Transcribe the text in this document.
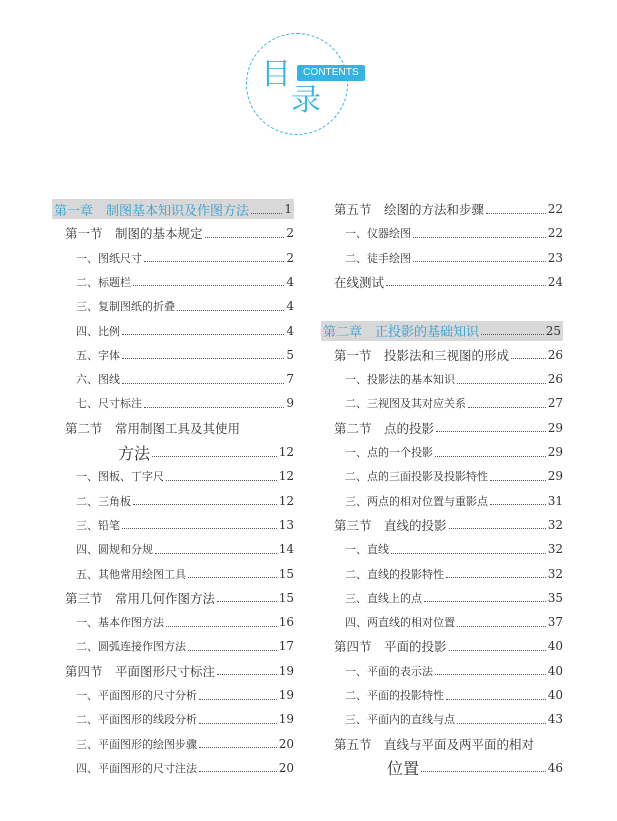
目
录
CONTENTS
第一章　制图基本知识及作图方法	1
第一节　制图的基本规定	2
一、图纸尺寸	2
二、标题栏	4
三、复制图纸的折叠	4
四、比例	4
五、字体	5
六、图线	7
七、尺寸标注	9
第二节　常用制图工具及其使用
方法	12
一、图板、丁字尺	12
二、三角板	12
三、铅笔	13
四、圆规和分规	14
五、其他常用绘图工具	15
第三节　常用几何作图方法	15
一、基本作图方法	16
二、圆弧连接作图方法	17
第四节　平面图形尺寸标注	19
一、平面图形的尺寸分析	19
二、平面图形的线段分析	19
三、平面图形的绘图步骤	20
四、平面图形的尺寸注法	20
第五节　绘图的方法和步骤	22
一、仪器绘图	22
二、徒手绘图	23
在线测试	24
第二章　正投影的基础知识	25
第一节　投影法和三视图的形成	26
一、投影法的基本知识	26
二、三视图及其对应关系	27
第二节　点的投影	29
一、点的一个投影	29
二、点的三面投影及投影特性	29
三、两点的相对位置与重影点	31
第三节　直线的投影	32
一、直线	32
二、直线的投影特性	32
三、直线上的点	35
四、两直线的相对位置	37
第四节　平面的投影	40
一、平面的表示法	40
二、平面的投影特性	40
三、平面内的直线与点	43
第五节　直线与平面及两平面的相对
位置	46
